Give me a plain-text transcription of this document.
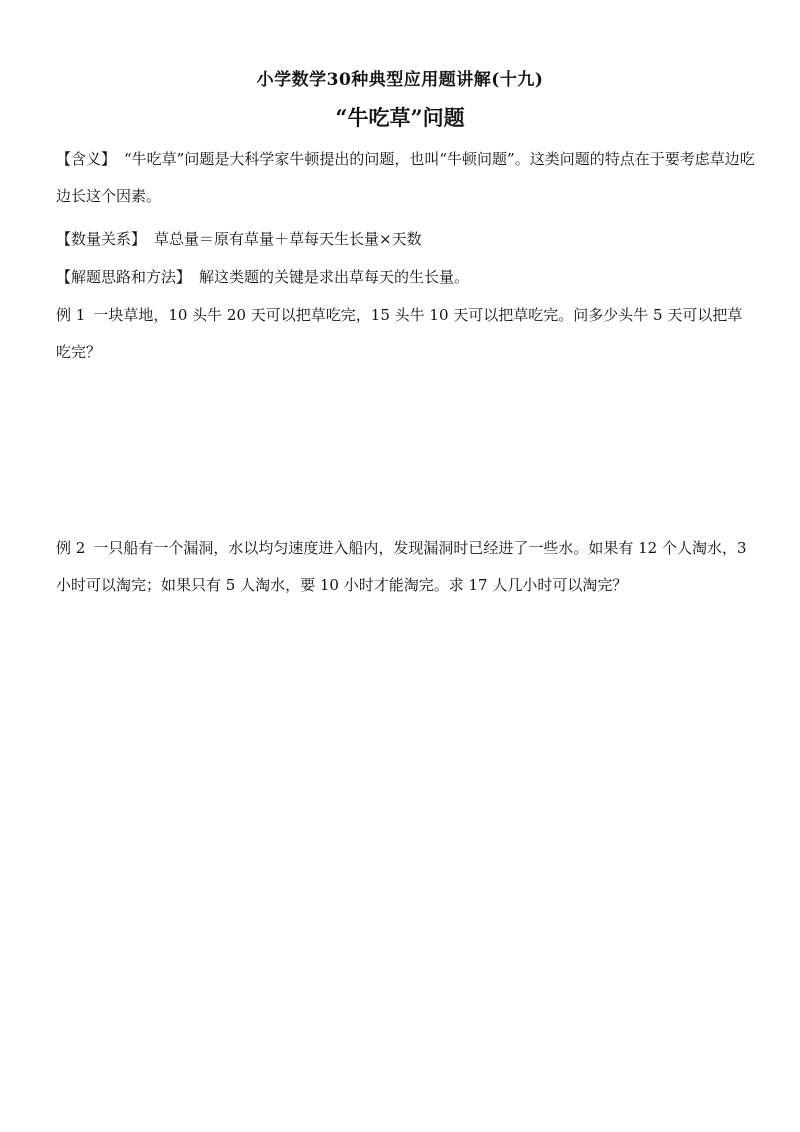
小学数学30种典型应用题讲解(十九)
“牛吃草”问题

【含义】 “牛吃草”问题是大科学家牛顿提出的问题，也叫“牛顿问题”。这类问题的特点在于要考虑草边吃边长这个因素。

【数量关系】 草总量＝原有草量＋草每天生长量×天数

【解题思路和方法】 解这类题的关键是求出草每天的生长量。

例 1 一块草地，10 头牛 20 天可以把草吃完，15 头牛 10 天可以把草吃完。问多少头牛 5 天可以把草吃完？

例 2 一只船有一个漏洞，水以均匀速度进入船内，发现漏洞时已经进了一些水。如果有 12 个人淘水，3 小时可以淘完；如果只有 5 人淘水，要 10 小时才能淘完。求 17 人几小时可以淘完？
